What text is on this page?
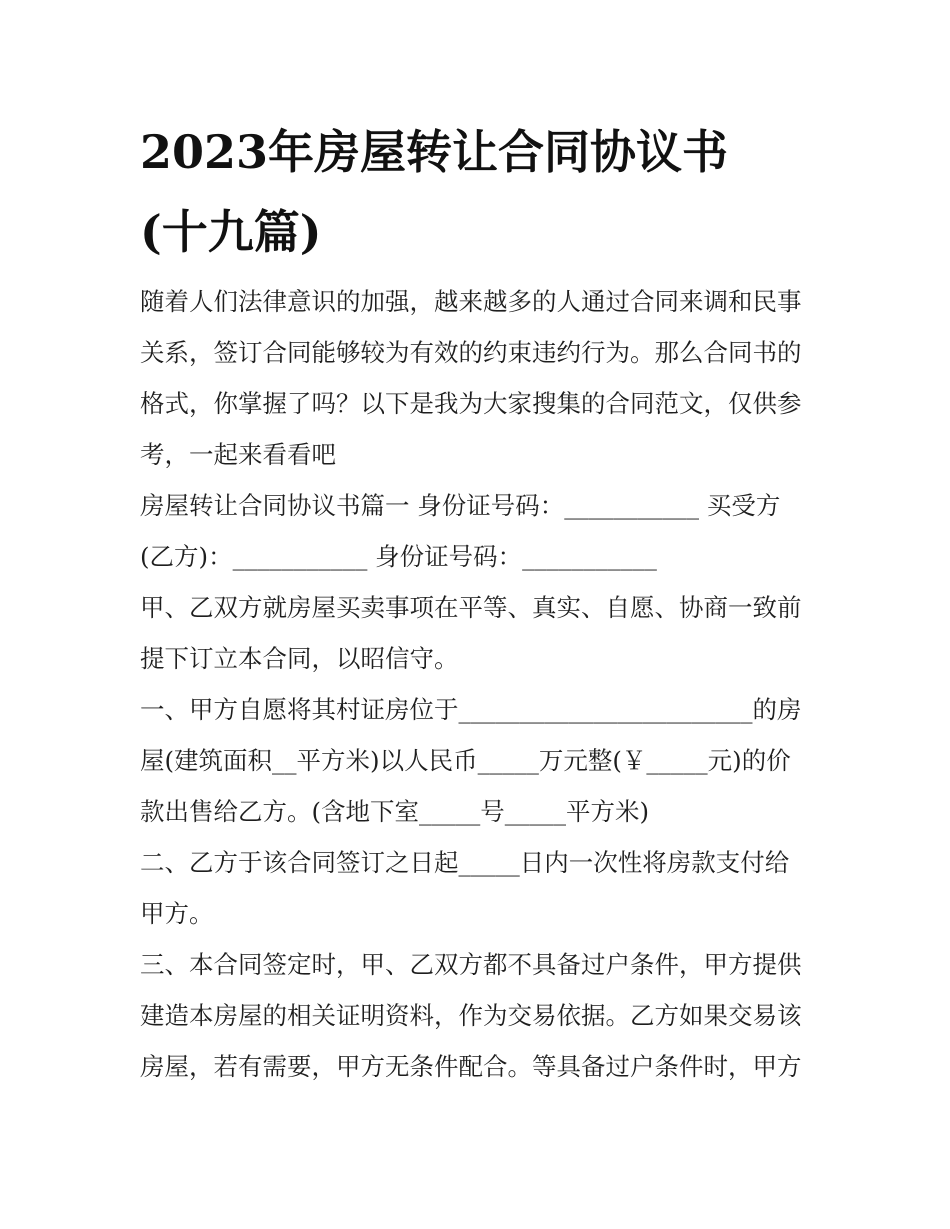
2023年房屋转让合同协议书
(十九篇)
随着人们法律意识的加强，越来越多的人通过合同来调和民事
关系，签订合同能够较为有效的约束违约行为。那么合同书的
格式，你掌握了吗？以下是我为大家搜集的合同范文，仅供参
考，一起来看看吧
房屋转让合同协议书篇一 身份证号码：___________ 买受方
(乙方)：___________ 身份证号码：___________
甲、乙双方就房屋买卖事项在平等、真实、自愿、协商一致前
提下订立本合同，以昭信守。
一、甲方自愿将其村证房位于________________________的房
屋(建筑面积__平方米)以人民币_____万元整(￥_____元)的价
款出售给乙方。(含地下室_____号_____平方米)
二、乙方于该合同签订之日起_____日内一次性将房款支付给
甲方。
三、本合同签定时，甲、乙双方都不具备过户条件，甲方提供
建造本房屋的相关证明资料，作为交易依据。乙方如果交易该
房屋，若有需要，甲方无条件配合。等具备过户条件时，甲方
